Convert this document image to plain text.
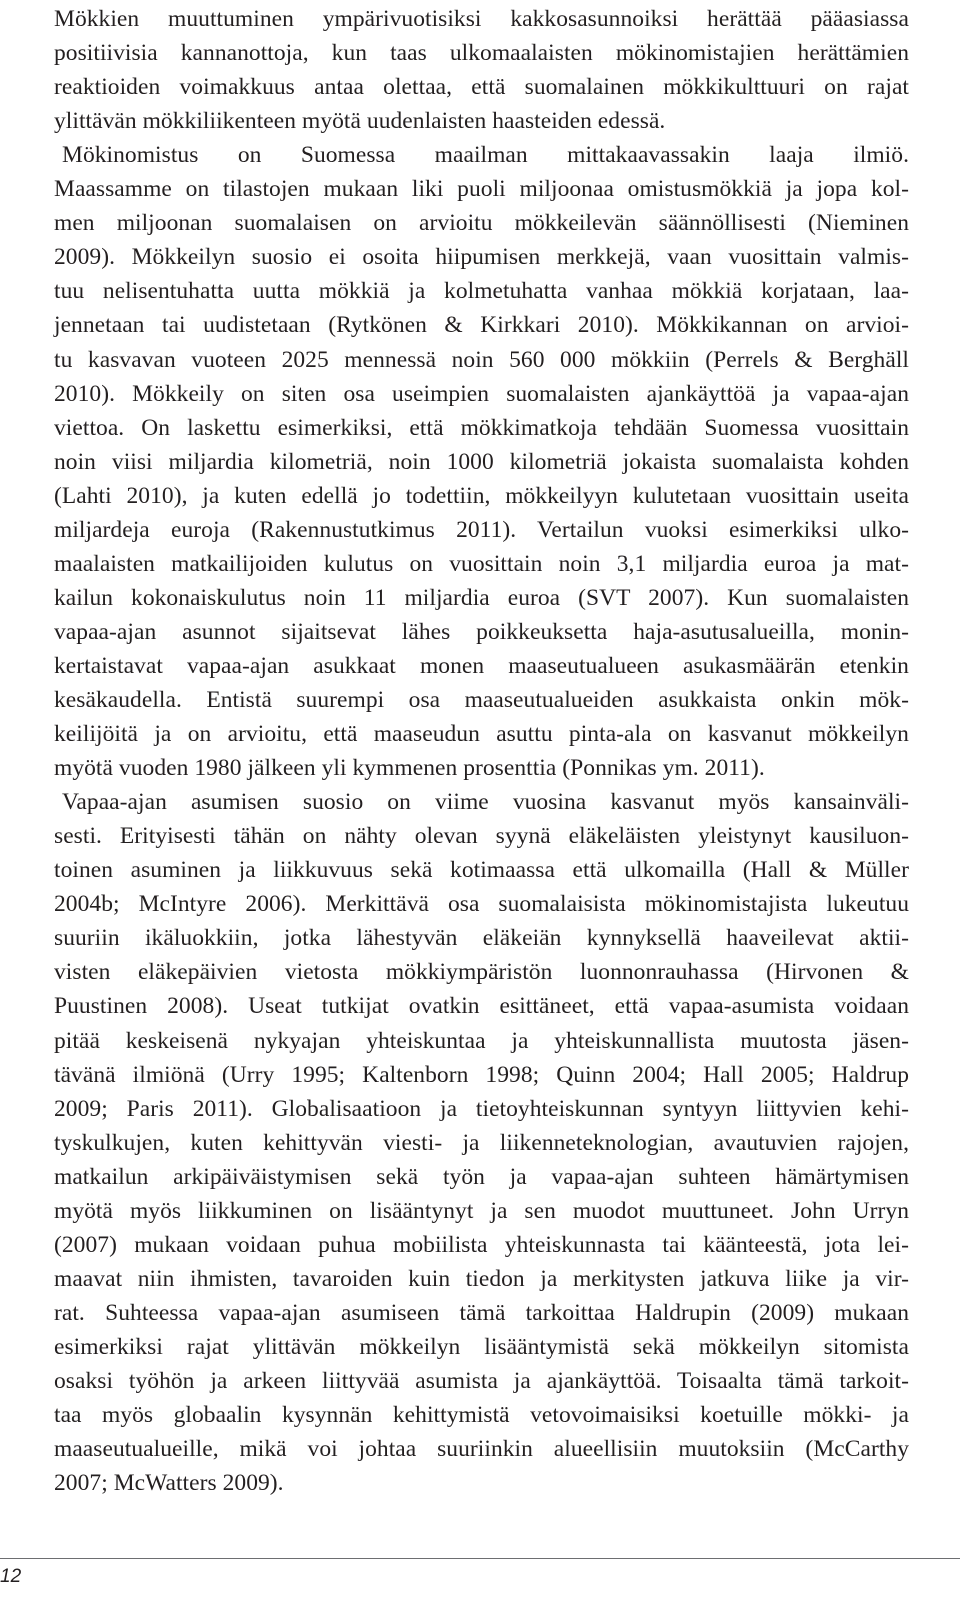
Mökkien muuttuminen ympärivuotisiksi kakkosasunnoiksi herättää pääasiassa
positiivisia kannanottoja, kun taas ulkomaalaisten mökinomistajien herättämien
reaktioiden voimakkuus antaa olettaa, että suomalainen mökkikulttuuri on rajat
ylittävän mökkiliikenteen myötä uudenlaisten haasteiden edessä.
Mökinomistus on Suomessa maailman mittakaavassakin laaja ilmiö.
Maassamme on tilastojen mukaan liki puoli miljoonaa omistusmökkiä ja jopa kol-
men miljoonan suomalaisen on arvioitu mökkeilevän säännöllisesti (Nieminen
2009). Mökkeilyn suosio ei osoita hiipumisen merkkejä, vaan vuosittain valmis-
tuu nelisentuhatta uutta mökkiä ja kolmetuhatta vanhaa mökkiä korjataan, laa-
jennetaan tai uudistetaan (Rytkönen & Kirkkari 2010). Mökkikannan on arvioi-
tu kasvavan vuoteen 2025 mennessä noin 560 000 mökkiin (Perrels & Berghäll
2010). Mökkeily on siten osa useimpien suomalaisten ajankäyttöä ja vapaa-ajan
viettoa. On laskettu esimerkiksi, että mökkimatkoja tehdään Suomessa vuosittain
noin viisi miljardia kilometriä, noin 1000 kilometriä jokaista suomalaista kohden
(Lahti 2010), ja kuten edellä jo todettiin, mökkeilyyn kulutetaan vuosittain useita
miljardeja euroja (Rakennustutkimus 2011). Vertailun vuoksi esimerkiksi ulko-
maalaisten matkailijoiden kulutus on vuosittain noin 3,1 miljardia euroa ja mat-
kailun kokonaiskulutus noin 11 miljardia euroa (SVT 2007). Kun suomalaisten
vapaa-ajan asunnot sijaitsevat lähes poikkeuksetta haja-asutusalueilla, monin-
kertaistavat vapaa-ajan asukkaat monen maaseutualueen asukasmäärän etenkin
kesäkaudella. Entistä suurempi osa maaseutualueiden asukkaista onkin mök-
keilijöitä ja on arvioitu, että maaseudun asuttu pinta-ala on kasvanut mökkeilyn
myötä vuoden 1980 jälkeen yli kymmenen prosenttia (Ponnikas ym. 2011).
Vapaa-ajan asumisen suosio on viime vuosina kasvanut myös kansainväli-
sesti. Erityisesti tähän on nähty olevan syynä eläkeläisten yleistynyt kausiluon-
toinen asuminen ja liikkuvuus sekä kotimaassa että ulkomailla (Hall & Müller
2004b; McIntyre 2006). Merkittävä osa suomalaisista mökinomistajista lukeutuu
suuriin ikäluokkiin, jotka lähestyvän eläkeiän kynnyksellä haaveilevat aktii-
visten eläkepäivien vietosta mökkiympäristön luonnonrauhassa (Hirvonen &
Puustinen 2008). Useat tutkijat ovatkin esittäneet, että vapaa-asumista voidaan
pitää keskeisenä nykyajan yhteiskuntaa ja yhteiskunnallista muutosta jäsen-
tävänä ilmiönä (Urry 1995; Kaltenborn 1998; Quinn 2004; Hall 2005; Haldrup
2009; Paris 2011). Globalisaatioon ja tietoyhteiskunnan syntyyn liittyvien kehi-
tyskulkujen, kuten kehittyvän viesti- ja liikenneteknologian, avautuvien rajojen,
matkailun arkipäiväistymisen sekä työn ja vapaa-ajan suhteen hämärtymisen
myötä myös liikkuminen on lisääntynyt ja sen muodot muuttuneet. John Urryn
(2007) mukaan voidaan puhua mobiilista yhteiskunnasta tai käänteestä, jota lei-
maavat niin ihmisten, tavaroiden kuin tiedon ja merkitysten jatkuva liike ja vir-
rat. Suhteessa vapaa-ajan asumiseen tämä tarkoittaa Haldrupin (2009) mukaan
esimerkiksi rajat ylittävän mökkeilyn lisääntymistä sekä mökkeilyn sitomista
osaksi työhön ja arkeen liittyvää asumista ja ajankäyttöä. Toisaalta tämä tarkoit-
taa myös globaalin kysynnän kehittymistä vetovoimaisiksi koetuille mökki- ja
maaseutualueille, mikä voi johtaa suuriinkin alueellisiin muutoksiin (McCarthy
2007; McWatters 2009).
12
